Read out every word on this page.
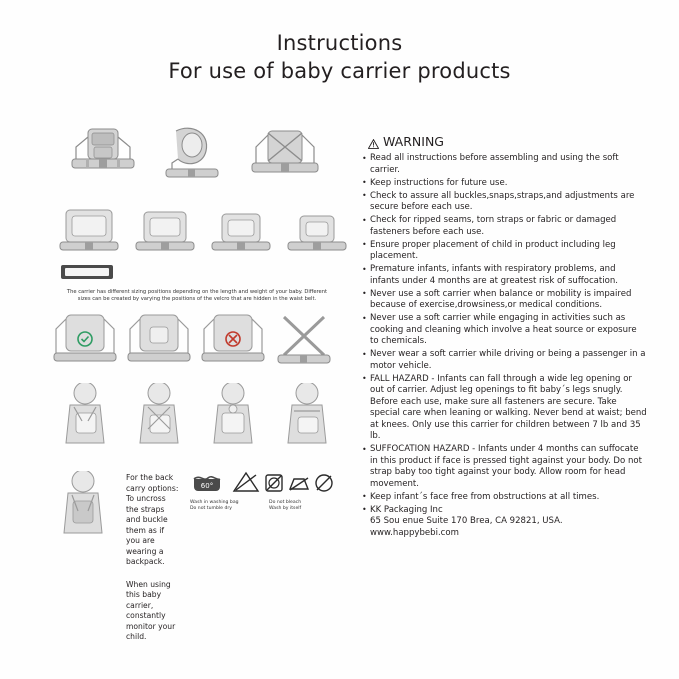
Instructions
For use of baby carrier products
The carrier has different sizing positions depending on the length and weight of your baby. Different sizes can be created by varying the positions of the velcro that are hidden in the waist belt.
For the back carry options: To uncross the straps and buckle them as if you are wearing a backpack.
When using this baby carrier, constantly monitor your child.
60°
Wash in washing bag
Do not tumble dry
Do not bleach
Wash by itself
WARNING
• Read all instructions before assembling and using the soft carrier.
• Keep instructions for future use.
• Check to assure all buckles,snaps,straps,and adjustments are secure before each use.
• Check for ripped seams, torn straps or fabric or damaged fasteners before each use.
• Ensure proper placement of child in product including leg placement.
• Premature infants, infants with respiratory problems, and infants under 4 months are at greatest risk of suffocation.
• Never use a soft carrier when balance or mobility is impaired because of exercise,drowsiness,or medical conditions.
• Never use a soft carrier while engaging in activities such as cooking and cleaning which involve a heat source or exposure to chemicals.
• Never wear a soft carrier while driving or being a passenger in a motor vehicle.
• FALL HAZARD - Infants can fall through a wide leg opening or out of carrier. Adjust leg openings to fit baby´s legs snugly. Before each use, make sure all fasteners are secure. Take special care when leaning or walking. Never bend at waist; bend at knees. Only use this carrier for children between 7 lb and 35 lb.
• SUFFOCATION HAZARD - Infants under 4 months can suffocate in this product if face is pressed tight against your body. Do not strap baby too tight against your body. Allow room for head movement.
• Keep infant´s face free from obstructions at all times.
• KK Packaging Inc
65 Sou enue Suite 170 Brea, CA 92821, USA.
www.happybebi.com
